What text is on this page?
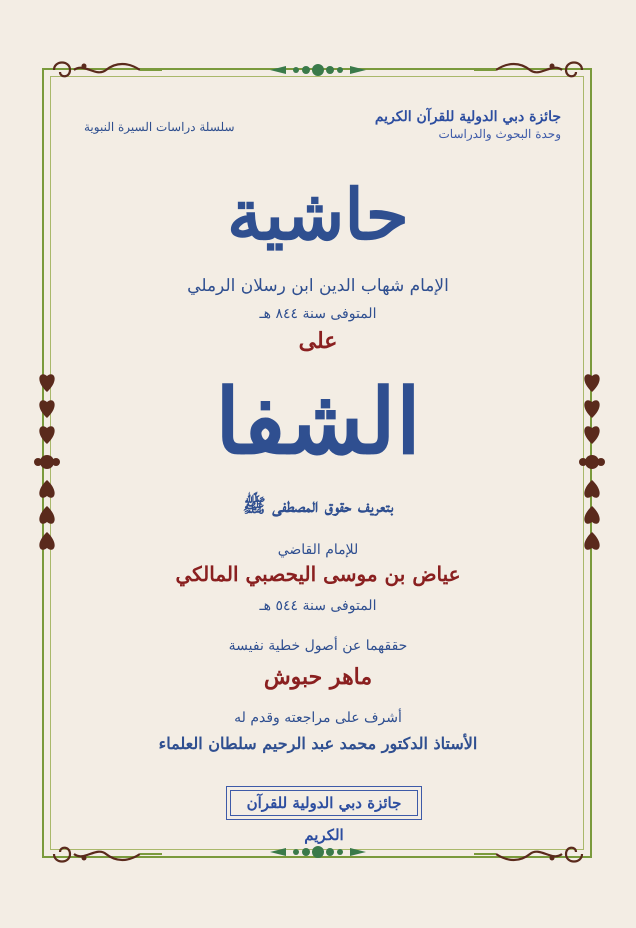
جائزة دبي الدولية للقرآن الكريم
وحدة البحوث والدراسات
سلسلة دراسات السيرة النبوية
حاشية
الإمام شهاب الدين ابن رسلان الرملي
المتوفى سنة ٨٤٤ هـ
على
الشفا
بتعريف حقوق المصطفى ﷺ
للإمام القاضي
عياض بن موسى اليحصبي المالكي
المتوفى سنة ٥٤٤ هـ
حققهما عن أصول خطية نفيسة
ماهر حبوش
أشرف على مراجعته وقدم له
الأستاذ الدكتور محمد عبد الرحيم سلطان العلماء
جائزة دبي الدولية للقرآن الكريم
